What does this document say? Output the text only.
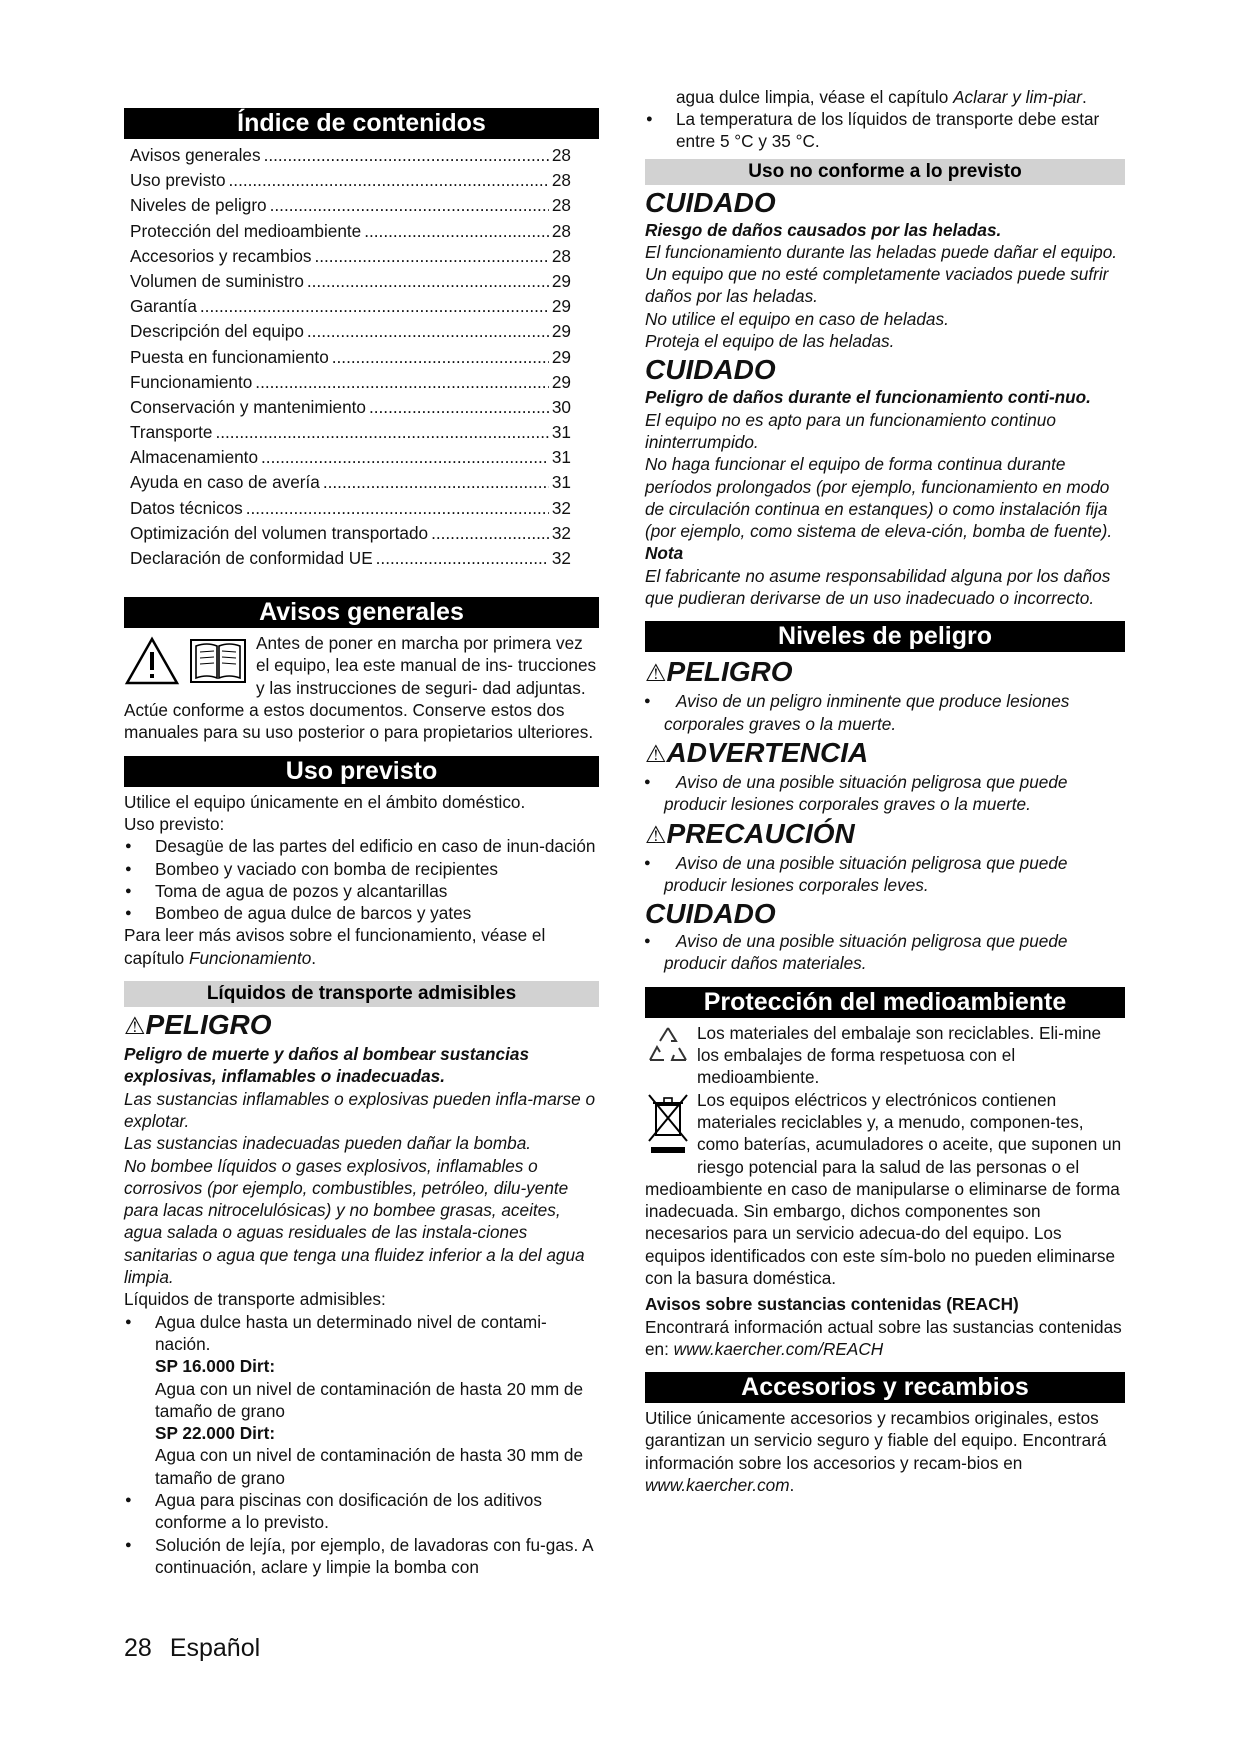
Índice de contenidos
Avisos generales .....	28
Uso previsto .....	28
Niveles de peligro .....	28
Protección del medioambiente .....	28
Accesorios y recambios .....	28
Volumen de suministro .....	29
Garantía .....	29
Descripción del equipo .....	29
Puesta en funcionamiento .....	29
Funcionamiento .....	29
Conservación y mantenimiento .....	30
Transporte .....	31
Almacenamiento .....	31
Ayuda en caso de avería .....	31
Datos técnicos .....	32
Optimización del volumen transportado .....	32
Declaración de conformidad UE .....	32
Avisos generales

Antes de poner en marcha por primera vez el equipo, lea este manual de ins- trucciones y las instrucciones de seguri- dad adjuntas. Actúe conforme a estos documentos. Conserve estos dos manuales para su uso posterior o para propietarios ulteriores.

Uso previsto

Utilice el equipo únicamente en el ámbito doméstico.

Uso previsto:

● Desagüe de las partes del edificio en caso de inun-dación
● Bombeo y vaciado con bomba de recipientes
● Toma de agua de pozos y alcantarillas
● Bombeo de agua dulce de barcos y yates

Para leer más avisos sobre el funcionamiento, véase el capítulo Funcionamiento.

Líquidos de transporte admisibles
⚠PELIGRO

Peligro de muerte y daños al bombear sustancias explosivas, inflamables o inadecuadas.

Las sustancias inflamables o explosivas pueden infla-marse o explotar.

Las sustancias inadecuadas pueden dañar la bomba.

No bombee líquidos o gases explosivos, inflamables o corrosivos (por ejemplo, combustibles, petróleo, dilu-yente para lacas nitrocelulósicas) y no bombee grasas, aceites, agua salada o aguas residuales de las instala-ciones sanitarias o agua que tenga una fluidez inferior a la del agua limpia.

Líquidos de transporte admisibles:

● Agua dulce hasta un determinado nivel de contami-nación.
SP 16.000 Dirt:
Agua con un nivel de contaminación de hasta 20 mm de tamaño de grano
SP 22.000 Dirt:
Agua con un nivel de contaminación de hasta 30 mm de tamaño de grano
● Agua para piscinas con dosificación de los aditivos conforme a lo previsto.
● Solución de lejía, por ejemplo, de lavadoras con fu-gas. A continuación, aclare y limpie la bomba con
agua dulce limpia, véase el capítulo Aclarar y lim-piar.
● La temperatura de los líquidos de transporte debe estar entre 5 °C y 35 °C.
Uso no conforme a lo previsto
CUIDADO

Riesgo de daños causados por las heladas.

El funcionamiento durante las heladas puede dañar el equipo.

Un equipo que no esté completamente vaciados puede sufrir daños por las heladas.

No utilice el equipo en caso de heladas.

Proteja el equipo de las heladas.

CUIDADO

Peligro de daños durante el funcionamiento conti-nuo.

El equipo no es apto para un funcionamiento continuo ininterrumpido.

No haga funcionar el equipo de forma continua durante períodos prolongados (por ejemplo, funcionamiento en modo de circulación continua en estanques) o como instalación fija (por ejemplo, como sistema de eleva-ción, bomba de fuente).

Nota

El fabricante no asume responsabilidad alguna por los daños que pudieran derivarse de un uso inadecuado o incorrecto.

Niveles de peligro
⚠PELIGRO
● Aviso de un peligro inminente que produce lesiones
corporales graves o la muerte.
⚠ADVERTENCIA
● Aviso de una posible situación peligrosa que puede
producir lesiones corporales graves o la muerte.
⚠PRECAUCIÓN
● Aviso de una posible situación peligrosa que puede
producir lesiones corporales leves.
CUIDADO
● Aviso de una posible situación peligrosa que puede
producir daños materiales.
Protección del medioambiente

Los materiales del embalaje son reciclables. Eli-mine los embalajes de forma respetuosa con el medioambiente.

Los equipos eléctricos y electrónicos contienen materiales reciclables y, a menudo, componen-tes, como baterías, acumuladores o aceite, que suponen un riesgo potencial para la salud de las personas o el medioambiente en caso de manipularse o eliminarse de forma inadecuada. Sin embargo, dichos componentes son necesarios para un servicio adecua-do del equipo. Los equipos identificados con este sím-bolo no pueden eliminarse con la basura doméstica.

Avisos sobre sustancias contenidas (REACH)

Encontrará información actual sobre las sustancias contenidas en: www.kaercher.com/REACH

Accesorios y recambios

Utilice únicamente accesorios y recambios originales, estos garantizan un servicio seguro y fiable del equipo. Encontrará información sobre los accesorios y recam-bios en www.kaercher.com.

28 Español
